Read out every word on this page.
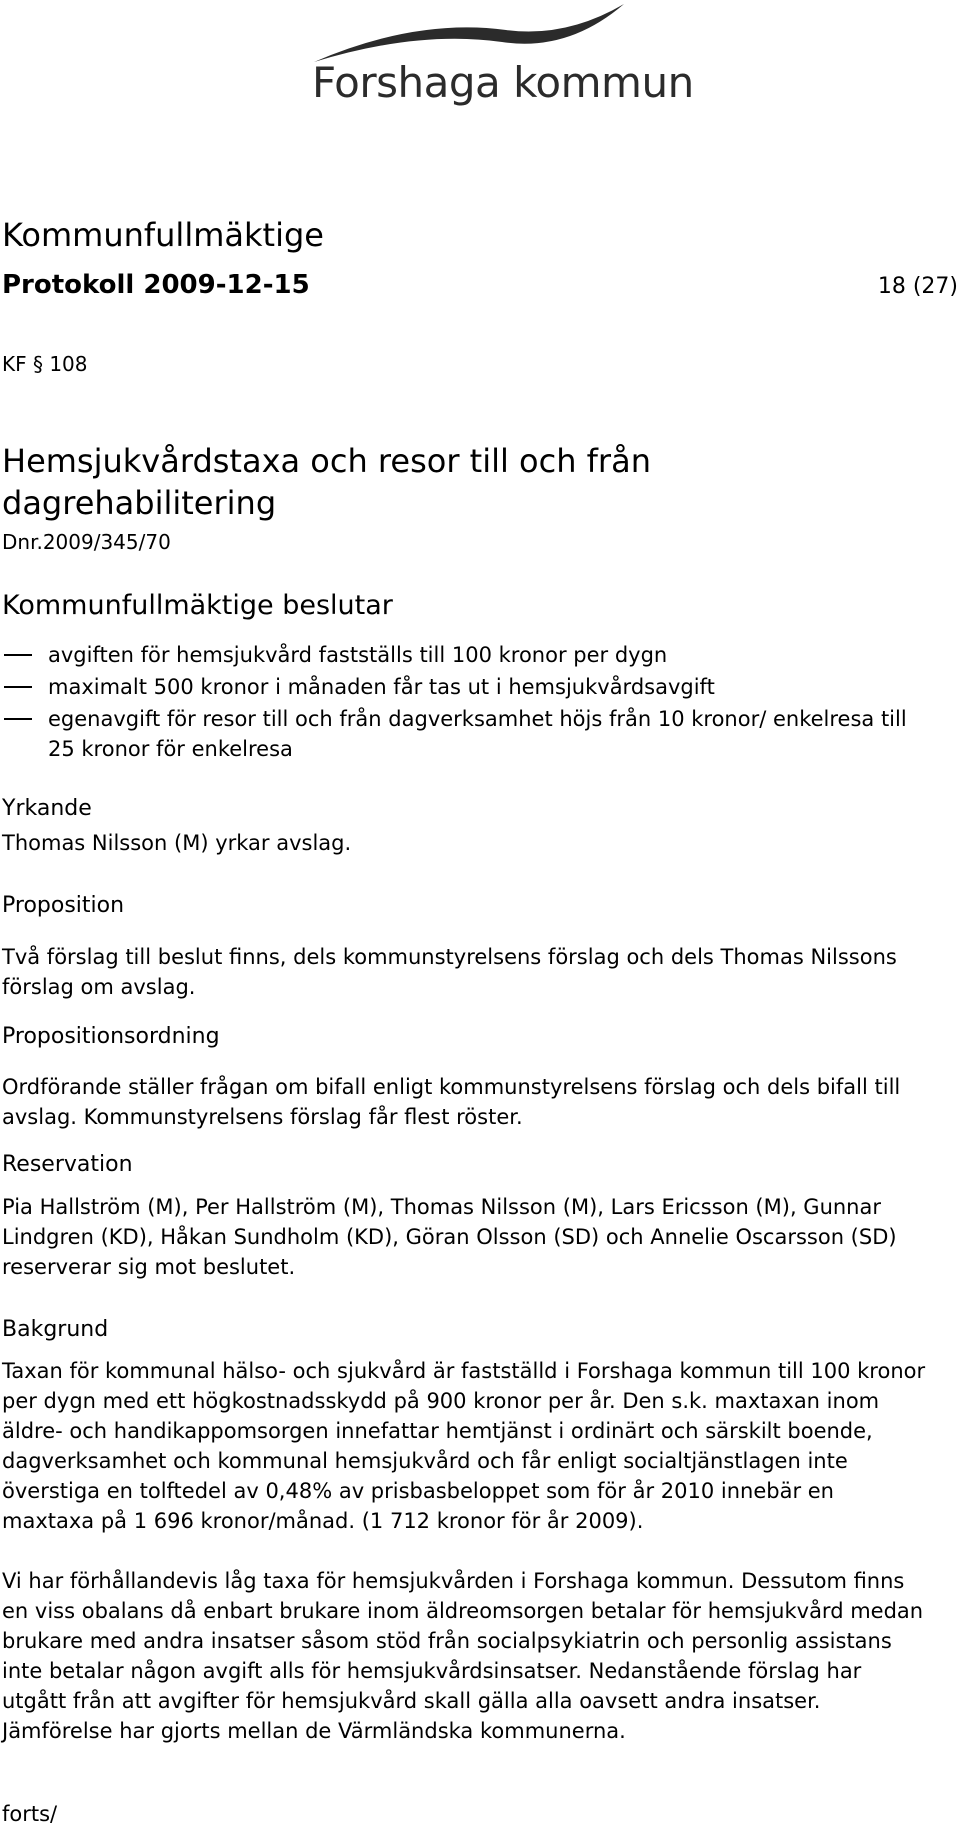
Forshaga kommun
Kommunfullmäktige
Protokoll 2009-12-15	18 (27)
KF § 108
Hemsjukvårdstaxa och resor till och från dagrehabilitering
Dnr.2009/345/70
Kommunfullmäktige beslutar
avgiften för hemsjukvård fastställs till 100 kronor per dygn
maximalt 500 kronor i månaden får tas ut i hemsjukvårdsavgift
egenavgift för resor till och från dagverksamhet höjs från 10 kronor/ enkelresa till 25 kronor för enkelresa
Yrkande

Thomas Nilsson (M) yrkar avslag.

Proposition

Två förslag till beslut finns, dels kommunstyrelsens förslag och dels Thomas Nilssons förslag om avslag.

Propositionsordning

Ordförande ställer frågan om bifall enligt kommunstyrelsens förslag och dels bifall till avslag. Kommunstyrelsens förslag får flest röster.

Reservation

Pia Hallström (M), Per Hallström (M), Thomas Nilsson (M), Lars Ericsson (M), Gunnar Lindgren (KD), Håkan Sundholm (KD), Göran Olsson (SD) och Annelie Oscarsson (SD) reserverar sig mot beslutet.

Bakgrund

Taxan för kommunal hälso- och sjukvård är fastställd i Forshaga kommun till 100 kronor per dygn med ett högkostnadsskydd på 900 kronor per år. Den s.k. maxtaxan inom äldre- och handikappomsorgen innefattar hemtjänst i ordinärt och särskilt boende, dagverksamhet och kommunal hemsjukvård och får enligt socialtjänstlagen inte överstiga en tolftedel av 0,48% av prisbasbeloppet som för år 2010 innebär en maxtaxa på 1 696 kronor/månad. (1 712 kronor för år 2009).

Vi har förhållandevis låg taxa för hemsjukvården i Forshaga kommun. Dessutom finns en viss obalans då enbart brukare inom äldreomsorgen betalar för hemsjukvård medan brukare med andra insatser såsom stöd från socialpsykiatrin och personlig assistans inte betalar någon avgift alls för hemsjukvårdsinsatser. Nedanstående förslag har utgått från att avgifter för hemsjukvård skall gälla alla oavsett andra insatser. Jämförelse har gjorts mellan de Värmländska kommunerna.

forts/
